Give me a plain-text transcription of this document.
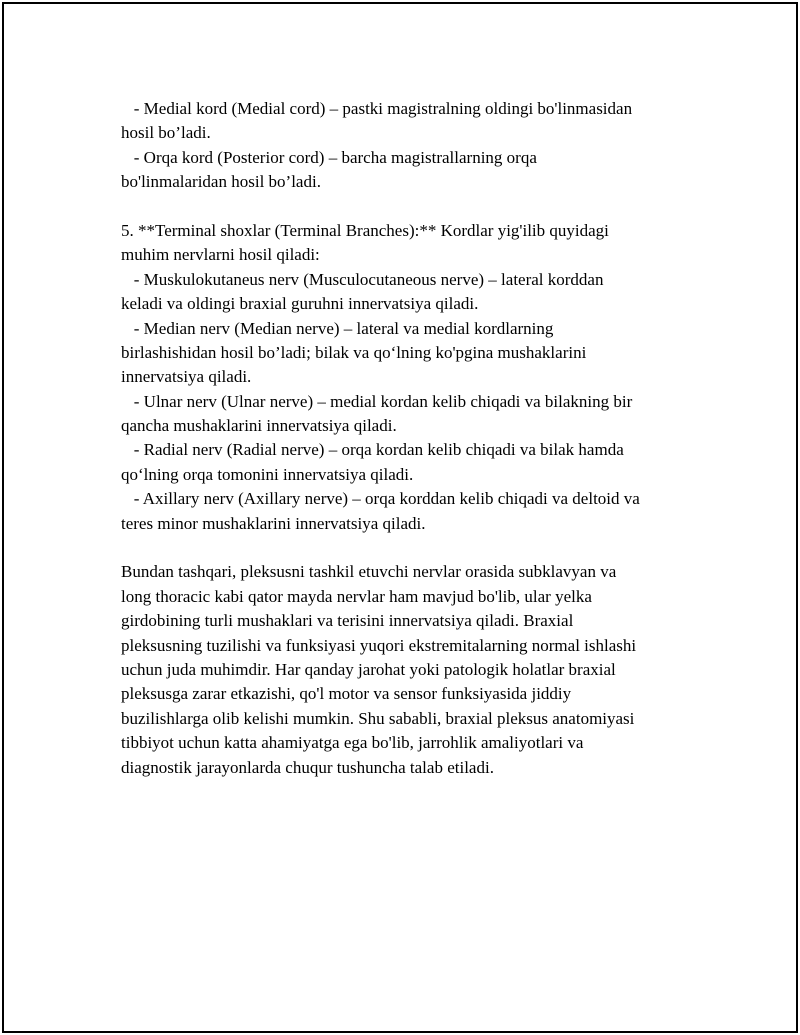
- Medial kord (Medial cord) – pastki magistralning oldingi bo'linmasidan
hosil bo’ladi.
- Orqa kord (Posterior cord) – barcha magistrallarning orqa
bo'linmalaridan hosil bo’ladi.
5. **Terminal shoxlar (Terminal Branches):** Kordlar yig'ilib quyidagi
muhim nervlarni hosil qiladi:
- Muskulokutaneus nerv (Musculocutaneous nerve) – lateral korddan
keladi va oldingi braxial guruhni innervatsiya qiladi.
- Median nerv (Median nerve) – lateral va medial kordlarning
birlashishidan hosil bo’ladi; bilak va qo‘lning ko'pgina mushaklarini
innervatsiya qiladi.
- Ulnar nerv (Ulnar nerve) – medial kordan kelib chiqadi va bilakning bir
qancha mushaklarini innervatsiya qiladi.
- Radial nerv (Radial nerve) – orqa kordan kelib chiqadi va bilak hamda
qo‘lning orqa tomonini innervatsiya qiladi.
- Axillary nerv (Axillary nerve) – orqa korddan kelib chiqadi va deltoid va
teres minor mushaklarini innervatsiya qiladi.
Bundan tashqari, pleksusni tashkil etuvchi nervlar orasida subklavyan va
long thoracic kabi qator mayda nervlar ham mavjud bo'lib, ular yelka
girdobining turli mushaklari va terisini innervatsiya qiladi. Braxial
pleksusning tuzilishi va funksiyasi yuqori ekstremitalarning normal ishlashi
uchun juda muhimdir. Har qanday jarohat yoki patologik holatlar braxial
pleksusga zarar etkazishi, qo'l motor va sensor funksiyasida jiddiy
buzilishlarga olib kelishi mumkin. Shu sababli, braxial pleksus anatomiyasi
tibbiyot uchun katta ahamiyatga ega bo'lib, jarrohlik amaliyotlari va
diagnostik jarayonlarda chuqur tushuncha talab etiladi.
